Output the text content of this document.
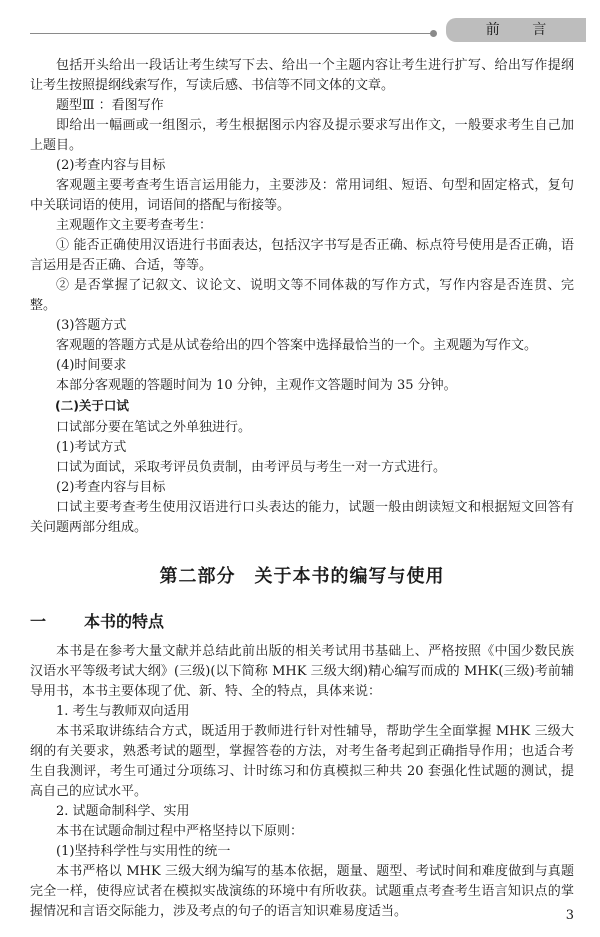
前 言

包括开头给出一段话让考生续写下去、给出一个主题内容让考生进行扩写、给出写作提纲让考生按照提纲线索写作，写读后感、书信等不同文体的文章。

题型Ⅲ ：看图写作

即给出一幅画或一组图示，考生根据图示内容及提示要求写出作文，一般要求考生自己加上题目。

(2)考查内容与目标

客观题主要考查考生语言运用能力，主要涉及：常用词组、短语、句型和固定格式，复句中关联词语的使用，词语间的搭配与衔接等。

主观题作文主要考查考生：

① 能否正确使用汉语进行书面表达，包括汉字书写是否正确、标点符号使用是否正确，语言运用是否正确、合适，等等。

② 是否掌握了记叙文、议论文、说明文等不同体裁的写作方式，写作内容是否连贯、完整。

(3)答题方式

客观题的答题方式是从试卷给出的四个答案中选择最恰当的一个。主观题为写作文。

(4)时间要求

本部分客观题的答题时间为 10 分钟，主观作文答题时间为 35 分钟。

(二)关于口试

口试部分要在笔试之外单独进行。

(1)考试方式

口试为面试，采取考评员负责制，由考评员与考生一对一方式进行。

(2)考查内容与目标

口试主要考查考生使用汉语进行口头表达的能力，试题一般由朗读短文和根据短文回答有关问题两部分组成。

第二部分　关于本书的编写与使用
一 本书的特点

本书是在参考大量文献并总结此前出版的相关考试用书基础上、严格按照《中国少数民族汉语水平等级考试大纲》(三级)(以下简称 MHK 三级大纲)精心编写而成的 MHK(三级)考前辅导用书，本书主要体现了优、新、特、全的特点，具体来说：

1. 考生与教师双向适用

本书采取讲练结合方式，既适用于教师进行针对性辅导，帮助学生全面掌握 MHK 三级大纲的有关要求，熟悉考试的题型，掌握答卷的方法，对考生备考起到正确指导作用；也适合考生自我测评，考生可通过分项练习、计时练习和仿真模拟三种共 20 套强化性试题的测试，提高自己的应试水平。

2. 试题命制科学、实用

本书在试题命制过程中严格坚持以下原则：

(1)坚持科学性与实用性的统一

本书严格以 MHK 三级大纲为编写的基本依据，题量、题型、考试时间和难度做到与真题完全一样，使得应试者在模拟实战演练的环境中有所收获。试题重点考查考生语言知识点的掌握情况和言语交际能力，涉及考点的句子的语言知识难易度适当。	3
